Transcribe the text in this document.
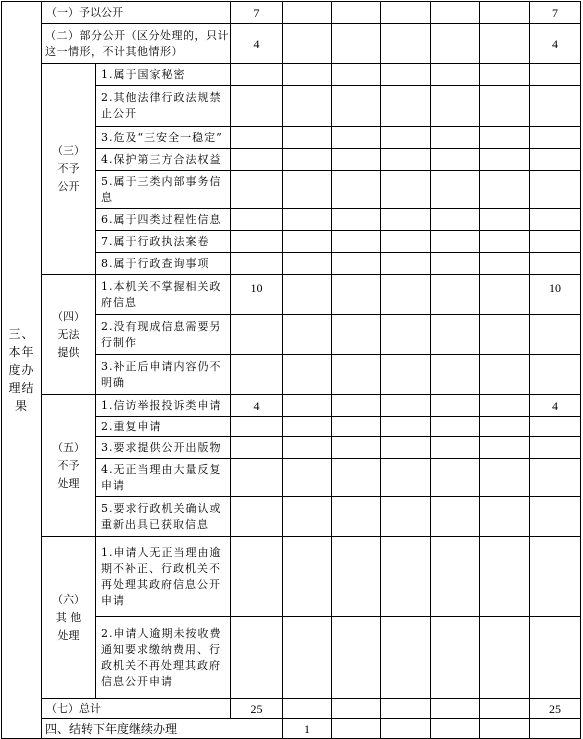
三、
本年
度办
理结
果	（一）予以公开		7						7	
	（二）部分公开（区分处理的，只计这一情形，不计其他情形）		4						4	

	（三）
不予
公开	1.属于国家秘密								
		2.其他法律行政法规禁止公开								
		3.危及“三安全一稳定”								
		4.保护第三方合法权益								
		5.属于三类内部事务信息								
		6.属于四类过程性信息								
		7.属于行政执法案卷								
		8.属于行政查询事项								

	（四）
无法
提供	1.本机关不掌握相关政府信息	10						10	
		2.没有现成信息需要另行制作								
		3.补正后申请内容仍不明确								

	（五）
不予
处理	1.信访举报投诉类申请	4						4	
		2.重复申请								
		3.要求提供公开出版物								
		4.无正当理由大量反复申请								
		5.要求行政机关确认或重新出具已获取信息								

	（六）
其 他
处理	1.申请人无正当理由逾期不补正、行政机关不再处理其政府信息公开申请								
		2.申请人逾期未按收费通知要求缴纳费用、行政机关不再处理其政府信息公开申请								
	（七）总计		25						25	
	四、结转下年度继续办理			1						
